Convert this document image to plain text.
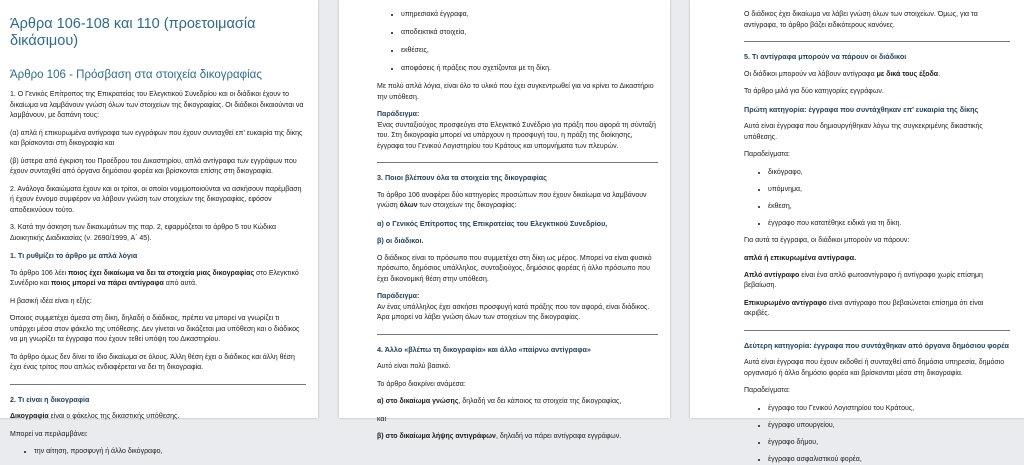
Άρθρα 106-108 και 110 (προετοιμασία δικάσιμου)
Άρθρο 106 - Πρόσβαση στα στοιχεία δικογραφίας

1. Ο Γενικός Επίτροπος της Επικρατείας του Ελεγκτικού Συνεδρίου και οι διάδικοι έχουν το δικαίωμα να λαμβάνουν γνώση όλων των στοιχείων της δικογραφίας. Οι διάδικοι δικαιούνται να λαμβάνουν, με δαπάνη τους:

(α) απλά ή επικυρωμένα αντίγραφα των εγγράφων που έχουν συνταχθεί επ' ευκαιρία της δίκης και βρίσκονται στη δικογραφία και

(β) ύστερα από έγκριση του Προέδρου του Δικαστηρίου, απλά αντίγραφα των εγγράφων που έχουν συνταχθεί από όργανα δημόσιου φορέα και βρίσκονται επίσης στη δικογραφία.

2. Ανάλογα δικαιώματα έχουν και οι τρίτοι, οι οποίοι νομιμοποιούνται να ασκήσουν παρέμβαση ή έχουν έννομο συμφέρον να λάβουν γνώση των στοιχείων της δικογραφίας, εφόσον αποδεικνύουν τούτο.

3. Κατά την άσκηση των δικαιωμάτων της παρ. 2, εφαρμόζεται το άρθρο 5 του Κώδικα Διοικητικής Διαδικασίας (ν. 2690/1999, Α΄ 45).

1. Τι ρυθμίζει το άρθρο με απλά λόγια

Το άρθρο 106 λέει ποιος έχει δικαίωμα να δει τα στοιχεία μιας δικογραφίας στο Ελεγκτικό Συνέδριο και ποιος μπορεί να πάρει αντίγραφα από αυτά.

Η βασική ιδέα είναι η εξής:

Όποιος συμμετέχει άμεσα στη δίκη, δηλαδή ο διάδικος, πρέπει να μπορεί να γνωρίζει τι υπάρχει μέσα στον φάκελο της υπόθεσης. Δεν γίνεται να δικάζεται μια υπόθεση και ο διάδικος να μη γνωρίζει τα έγγραφα που έχουν τεθεί υπόψη του Δικαστηρίου.

Το άρθρο όμως δεν δίνει το ίδιο δικαίωμα σε όλους. Άλλη θέση έχει ο διάδικος και άλλη θέση έχει ένας τρίτος που απλώς ενδιαφέρεται να δει τη δικογραφία.

2. Τι είναι η δικογραφία

Δικογραφία είναι ο φάκελος της δικαστικής υπόθεσης.

Μπορεί να περιλαμβάνει:

• την αίτηση, προσφυγή ή άλλο δικόγραφο,
• υπηρεσιακά έγγραφα,
• αποδεικτικά στοιχεία,
• εκθέσεις,
• αποφάσεις ή πράξεις που σχετίζονται με τη δίκη.

Με πολύ απλά λόγια, είναι όλο το υλικό που έχει συγκεντρωθεί για να κρίνει το Δικαστήριο την υπόθεση.

Παράδειγμα:

Ένας συνταξιούχος προσφεύγει στο Ελεγκτικό Συνέδριο για πράξη που αφορά τη σύνταξή του. Στη δικογραφία μπορεί να υπάρχουν η προσφυγή του, η πράξη της διοίκησης, έγγραφα του Γενικού Λογιστηρίου του Κράτους και υπομνήματα των πλευρών.

3. Ποιοι βλέπουν όλα τα στοιχεία της δικογραφίας

Το άρθρο 106 αναφέρει δύο κατηγορίες προσώπων που έχουν δικαίωμα να λαμβάνουν γνώση όλων των στοιχείων της δικογραφίας:

α) ο Γενικός Επίτροπος της Επικρατείας του Ελεγκτικού Συνεδρίου,

β) οι διάδικοι.

Ο διάδικος είναι το πρόσωπο που συμμετέχει στη δίκη ως μέρος. Μπορεί να είναι φυσικό πρόσωπο, δημόσιος υπάλληλος, συνταξιούχος, δημόσιος φορέας ή άλλο πρόσωπο που έχει δικονομική θέση στην υπόθεση.

Παράδειγμα:

Αν ένας υπάλληλος έχει ασκήσει προσφυγή κατά πράξης που τον αφορά, είναι διάδικος. Άρα μπορεί να λάβει γνώση όλων των στοιχείων της δικογραφίας.

4. Άλλο «βλέπω τη δικογραφία» και άλλο «παίρνω αντίγραφα»

Αυτό είναι πολύ βασικό.

Το άρθρο διακρίνει ανάμεσα:

α) στο δικαίωμα γνώσης, δηλαδή να δει κάποιος τα στοιχεία της δικογραφίας,

και

β) στο δικαίωμα λήψης αντιγράφων, δηλαδή να πάρει αντίγραφα εγγράφων.

Ο διάδικος έχει δικαίωμα να λάβει γνώση όλων των στοιχείων. Όμως, για τα αντίγραφα, το άρθρο βάζει ειδικότερους κανόνες.

5. Τι αντίγραφα μπορούν να πάρουν οι διάδικοι

Οι διάδικοι μπορούν να λάβουν αντίγραφα με δικά τους έξοδα.

Το άρθρο μιλά για δύο κατηγορίες εγγράφων.

Πρώτη κατηγορία: έγγραφα που συντάχθηκαν επ' ευκαιρία της δίκης

Αυτά είναι έγγραφα που δημιουργήθηκαν λόγω της συγκεκριμένης δικαστικής υπόθεσης.

Παραδείγματα:

• δικόγραφο,
• υπόμνημα,
• έκθεση,
• έγγραφο που κατατέθηκε ειδικά για τη δίκη.

Για αυτά τα έγγραφα, οι διάδικοι μπορούν να πάρουν:

απλά ή επικυρωμένα αντίγραφα.

Απλό αντίγραφο είναι ένα απλό φωτοαντίγραφο ή αντίγραφο χωρίς επίσημη βεβαίωση.

Επικυρωμένο αντίγραφο είναι αντίγραφο που βεβαιώνεται επίσημα ότι είναι ακριβές.

Δεύτερη κατηγορία: έγγραφα που συντάχθηκαν από όργανα δημόσιου φορέα

Αυτά είναι έγγραφα που έχουν εκδοθεί ή συνταχθεί από δημόσια υπηρεσία, δημόσιο οργανισμό ή άλλο δημόσιο φορέα και βρίσκονται μέσα στη δικογραφία.

Παραδείγματα:

• έγγραφο του Γενικού Λογιστηρίου του Κράτους,
• έγγραφο υπουργείου,
• έγγραφο δήμου,
• έγγραφο ασφαλιστικού φορέα,
